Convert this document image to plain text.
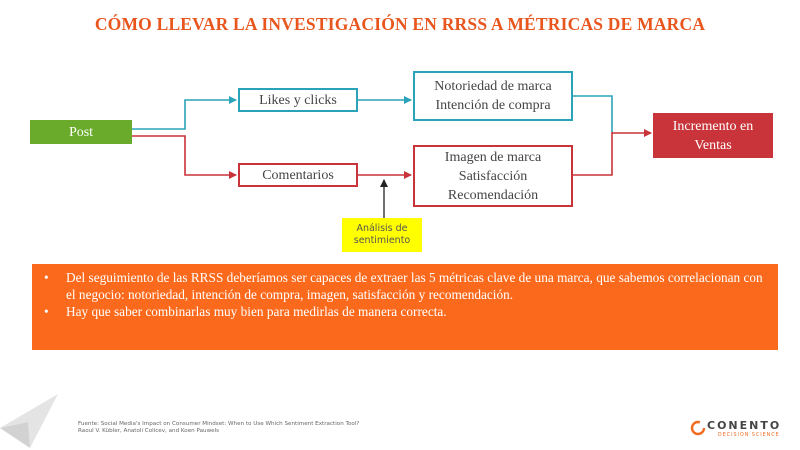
CÓMO LLEVAR LA INVESTIGACIÓN EN RRSS A MÉTRICAS DE MARCA
Post
Likes y clicks
Notoriedad de marca
Intención de compra
Comentarios
Imagen de marca
Satisfacción
Recomendación
Incremento en
Ventas
Análisis de
sentimiento
• Del seguimiento de las RRSS deberíamos ser capaces de extraer las 5 métricas clave de una marca, que sabemos correlacionan con el negocio: notoriedad, intención de compra, imagen, satisfacción y recomendación.
• Hay que saber combinarlas muy bien para medirlas de manera correcta.
Fuente: Social Media's Impact on Consumer Mindset: When to Use Which Sentiment Extraction Tool?
Raoul V. Kübler, Anatoli Colicev, and Koen Pauwels	CONENTO
DECISION SCIENCE
